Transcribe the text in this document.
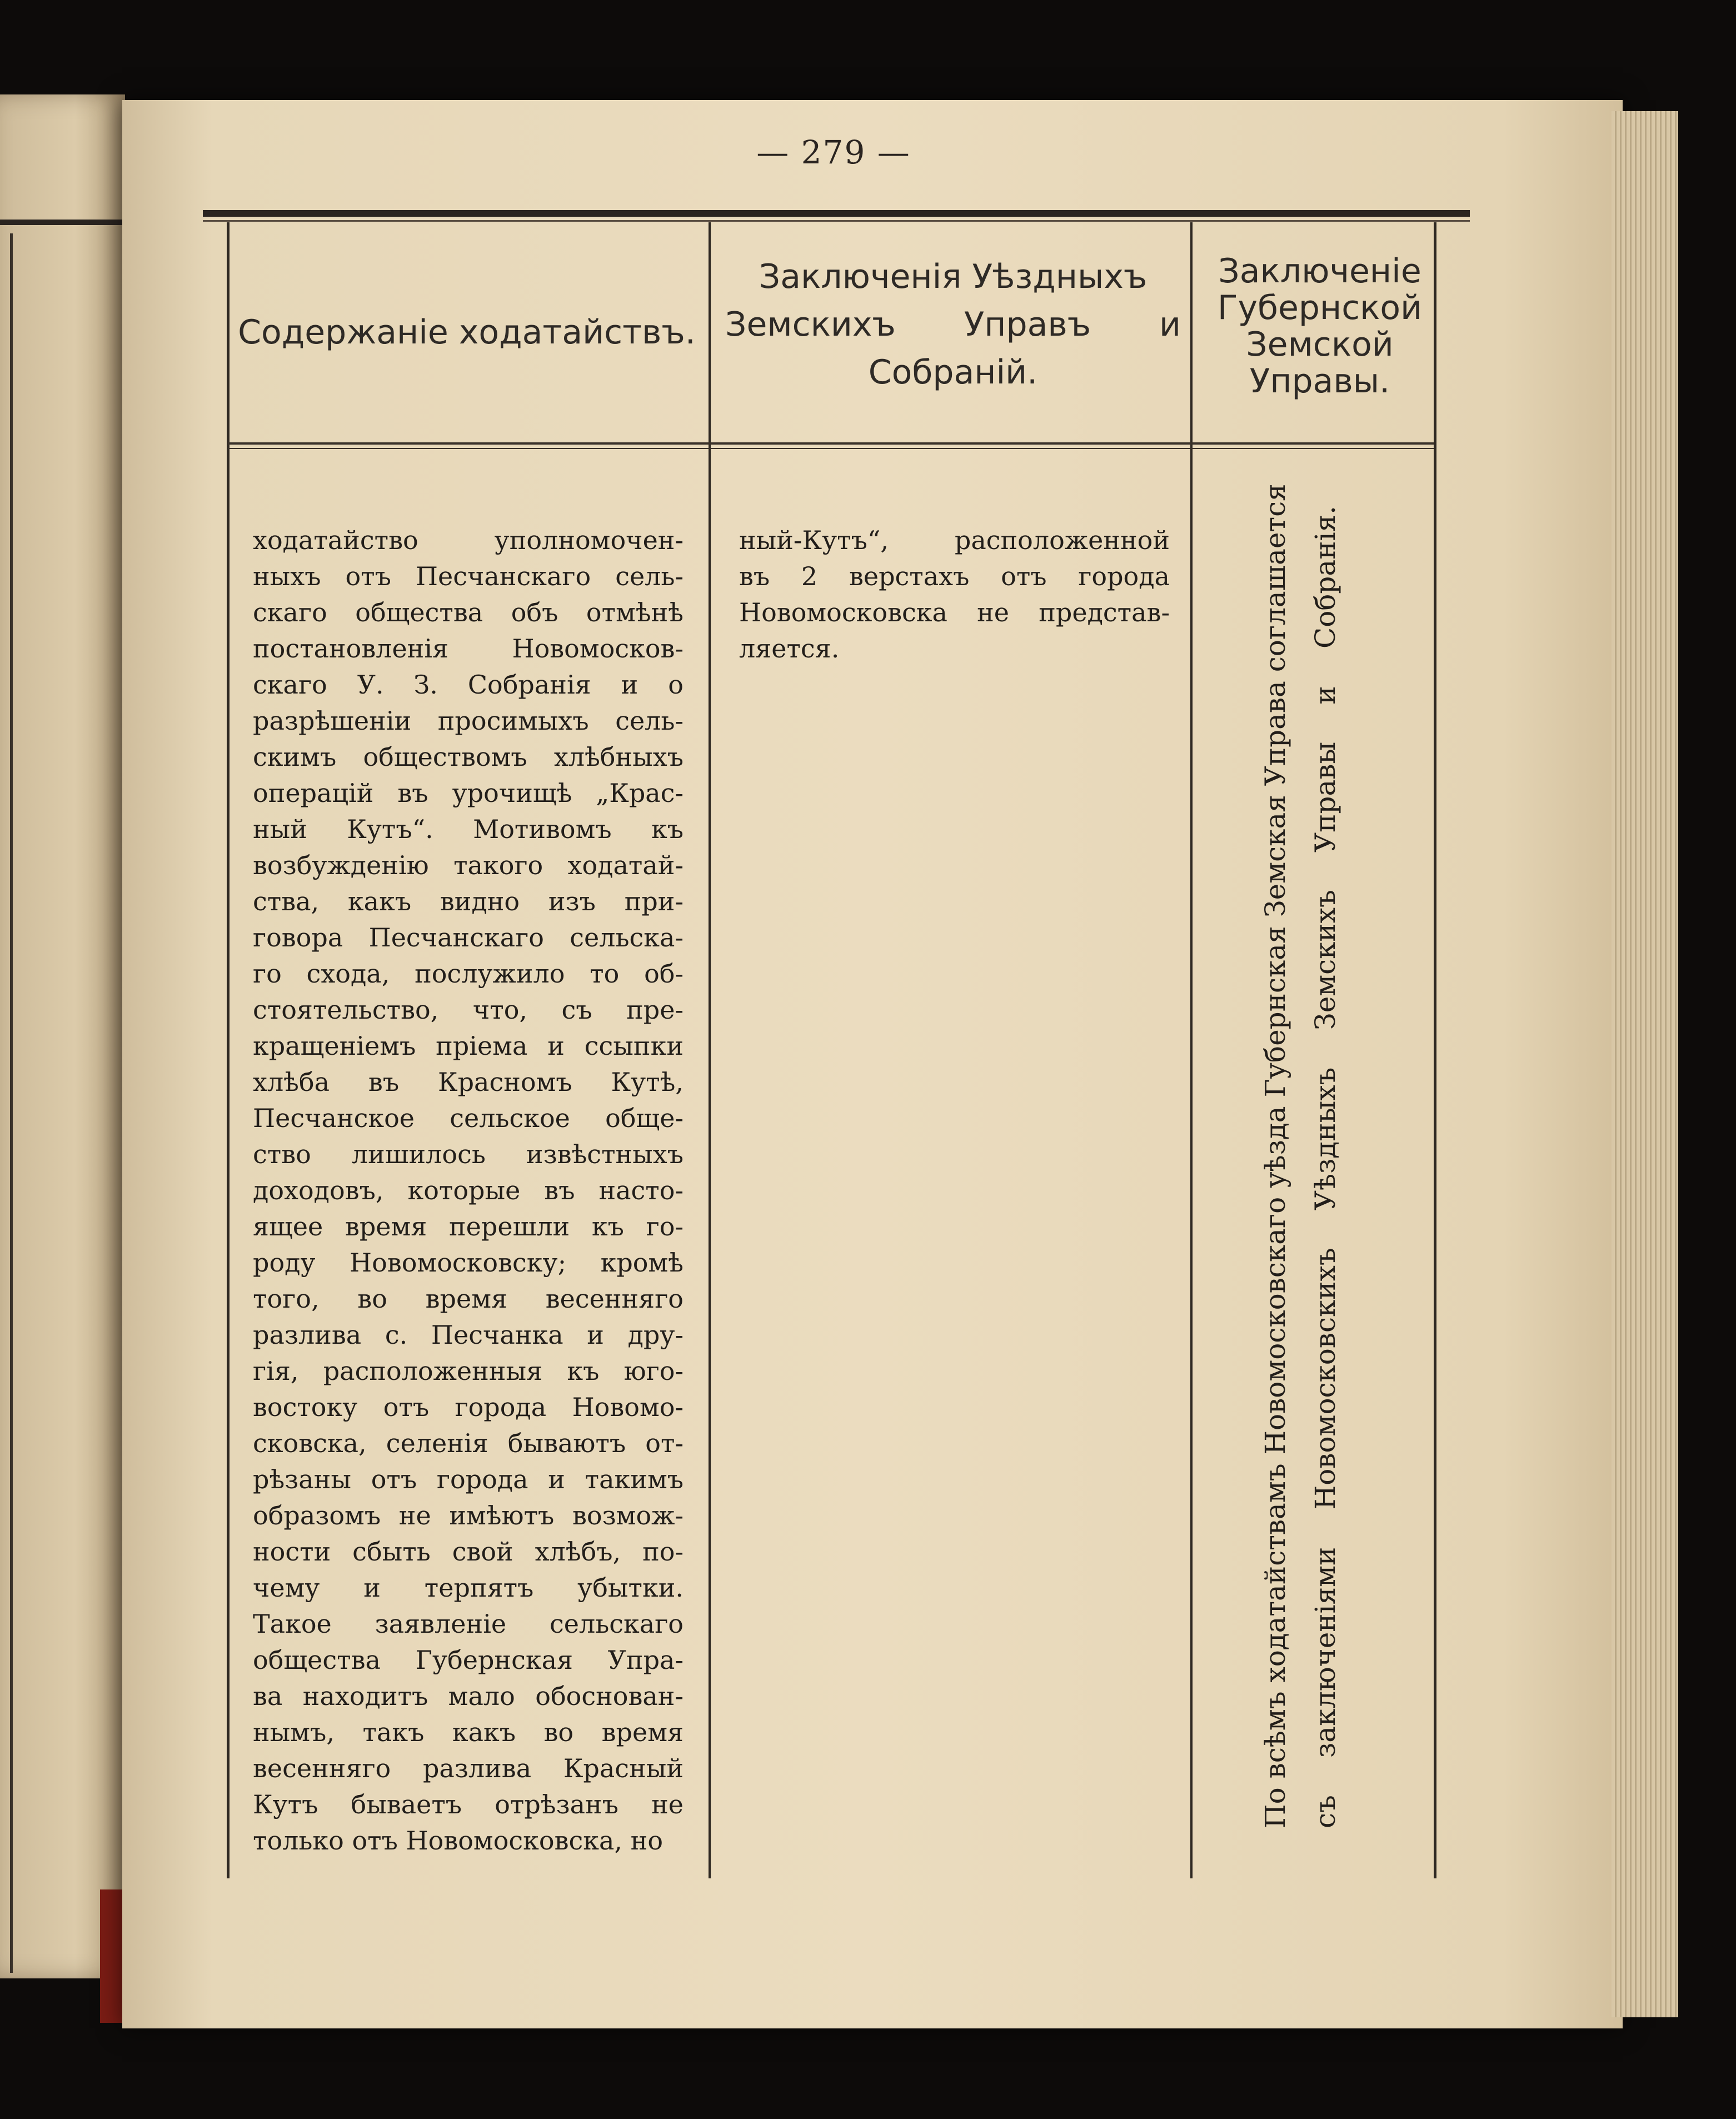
— 279 —
Содержаніе ходатайствъ.
Заключенія Уѣздныхъ
Земскихъ Управъ и
Собраній.
Заключеніе
Губернской
Земской
Управы.
ходатайство уполномочен-
ныхъ отъ Песчанскаго сель-
скаго общества объ отмѣнѣ
постановленія Новомосков-
скаго У. З. Собранія и о
разрѣшеніи просимыхъ сель-
скимъ обществомъ хлѣбныхъ
операцій въ урочищѣ „Крас-
ный Кутъ“. Мотивомъ къ
возбужденію такого ходатай-
ства, какъ видно изъ при-
говора Песчанскаго сельска-
го схода, послужило то об-
стоятельство, что, съ пре-
кращеніемъ пріема и ссыпки
хлѣба въ Красномъ Кутѣ,
Песчанское сельское обще-
ство лишилось извѣстныхъ
доходовъ, которые въ насто-
ящее время перешли къ го-
роду Новомосковску; кромѣ
того, во время весенняго
разлива с. Песчанка и дру-
гія, расположенныя къ юго-
востоку отъ города Новомо-
сковска, селенія бываютъ от-
рѣзаны отъ города и такимъ
образомъ не имѣютъ возмож-
ности сбыть свой хлѣбъ, по-
чему и терпятъ убытки.
Такое заявленіе сельскаго
общества Губернская Упра-
ва находитъ мало обоснован-
нымъ, такъ какъ во время
весенняго разлива Красный
Кутъ бываетъ отрѣзанъ не
только отъ Новомосковска, но
ный-Кутъ“, расположенной
въ 2 верстахъ отъ города
Новомосковска не представ-
ляется.	По всѣмъ ходатайствамъ Новомосковскаго уѣзда Губернская Земская Управа соглашается съ заключеніями Новомосковскихъ Уѣздныхъ Земскихъ Управы и Собранія.
